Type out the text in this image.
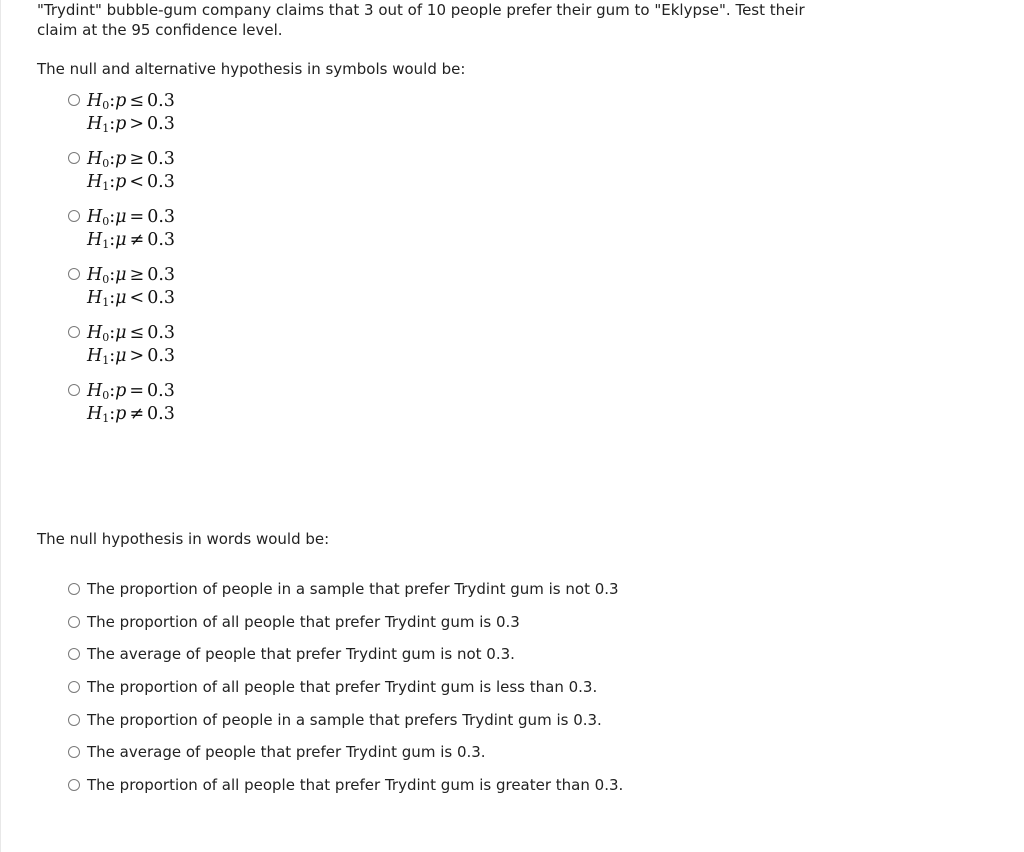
"Trydint" bubble-gum company claims that 3 out of 10 people prefer their gum to "Eklypse". Test their
claim at the 95 confidence level.
The null and alternative hypothesis in symbols would be:
$H_0:p \le 0.3$
$H_1:p > 0.3$
$H_0:p \ge 0.3$
$H_1:p < 0.3$
$H_0:\mu = 0.3$
$H_1:\mu \ne 0.3$
$H_0:\mu \ge 0.3$
$H_1:\mu < 0.3$
$H_0:\mu \le 0.3$
$H_1:\mu > 0.3$
$H_0:p = 0.3$
$H_1:p \ne 0.3$
The null hypothesis in words would be:
The proportion of people in a sample that prefer Trydint gum is not 0.3
The proportion of all people that prefer Trydint gum is 0.3
The average of people that prefer Trydint gum is not 0.3.
The proportion of all people that prefer Trydint gum is less than 0.3.
The proportion of people in a sample that prefers Trydint gum is 0.3.
The average of people that prefer Trydint gum is 0.3.
The proportion of all people that prefer Trydint gum is greater than 0.3.
